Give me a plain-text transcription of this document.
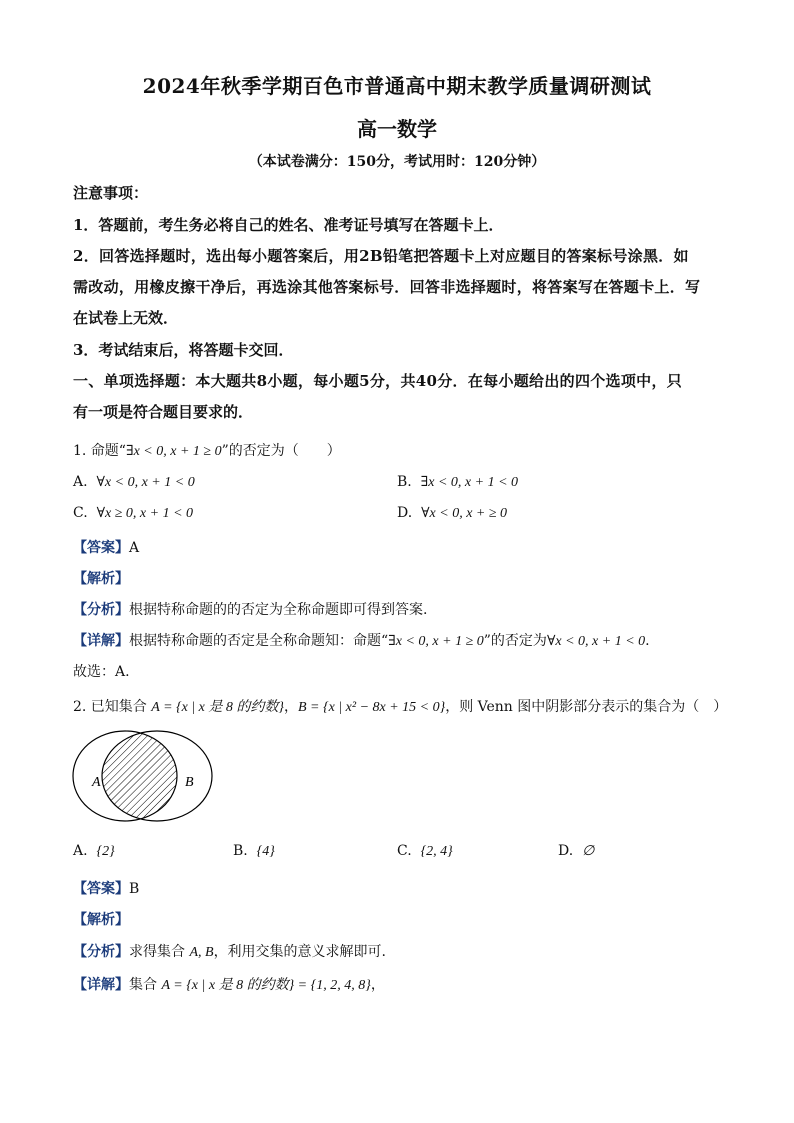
2024年秋季学期百色市普通高中期末教学质量调研测试
高一数学
（本试卷满分：150分，考试用时：120分钟）
注意事项：
1．答题前，考生务必将自己的姓名、准考证号填写在答题卡上．
2．回答选择题时，选出每小题答案后，用2B铅笔把答题卡上对应题目的答案标号涂黑．如
需改动，用橡皮擦干净后，再选涂其他答案标号．回答非选择题时，将答案写在答题卡上．写
在试卷上无效．
3．考试结束后，将答题卡交回．
一、单项选择题：本大题共8小题，每小题5分，共40分．在每小题给出的四个选项中，只
有一项是符合题目要求的．
1. 命题“∃x < 0, x + 1 ≥ 0”的否定为（　　）
A. ∀x < 0, x + 1 < 0	B. ∃x < 0, x + 1 < 0
C. ∀x ≥ 0, x + 1 < 0	D. ∀x < 0, x + ≥ 0
【答案】A
【解析】
【分析】根据特称命题的的否定为全称命题即可得到答案.
【详解】根据特称命题的否定是全称命题知：命题“∃x < 0, x + 1 ≥ 0”的否定为∀x < 0, x + 1 < 0.
故选：A.
2. 已知集合 A = {x | x 是 8 的约数}，B = {x | x² − 8x + 15 < 0}，则 Venn 图中阴影部分表示的集合为（　）
A	B
A. {2}	B. {4}	C. {2, 4}	D. ∅
【答案】B
【解析】
【分析】求得集合 A, B，利用交集的意义求解即可.
【详解】集合 A = {x | x 是 8 的约数} = {1, 2, 4, 8}，
